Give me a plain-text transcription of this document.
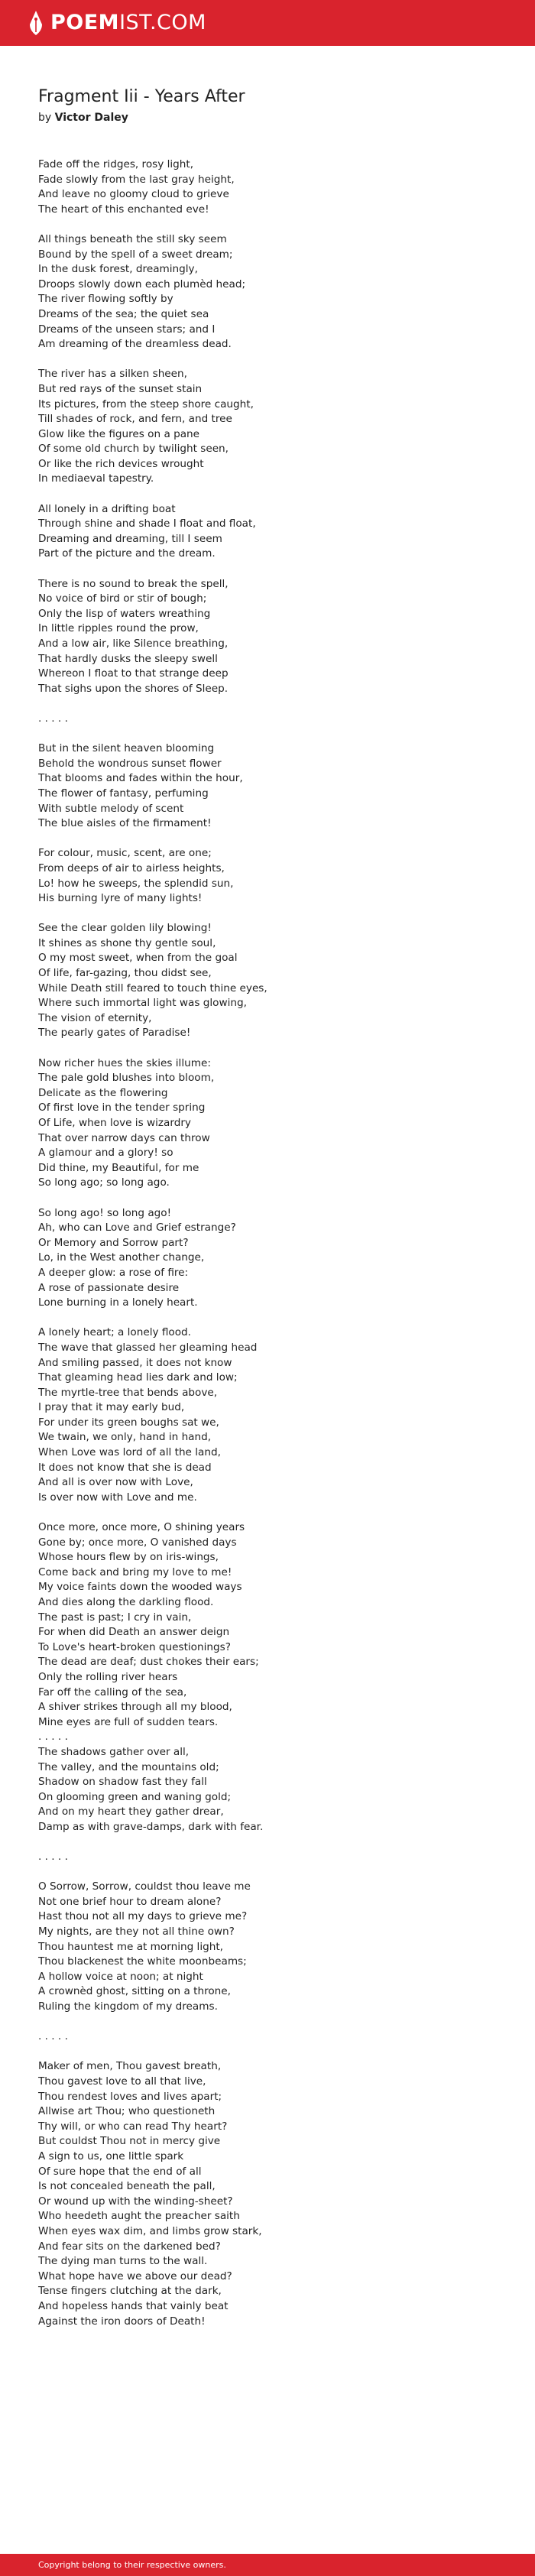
POEMIST.COM
Fragment Iii - Years After
by Victor Daley

Fade off the ridges, rosy light,
Fade slowly from the last gray height,
And leave no gloomy cloud to grieve
The heart of this enchanted eve!

All things beneath the still sky seem
Bound by the spell of a sweet dream;
In the dusk forest, dreamingly,
Droops slowly down each plumèd head;
The river flowing softly by
Dreams of the sea; the quiet sea
Dreams of the unseen stars; and I
Am dreaming of the dreamless dead.

The river has a silken sheen,
But red rays of the sunset stain
Its pictures, from the steep shore caught,
Till shades of rock, and fern, and tree
Glow like the figures on a pane
Of some old church by twilight seen,
Or like the rich devices wrought
In mediaeval tapestry.

All lonely in a drifting boat
Through shine and shade I float and float,
Dreaming and dreaming, till I seem
Part of the picture and the dream.

There is no sound to break the spell,
No voice of bird or stir of bough;
Only the lisp of waters wreathing
In little ripples round the prow,
And a low air, like Silence breathing,
That hardly dusks the sleepy swell
Whereon I float to that strange deep
That sighs upon the shores of Sleep.

. . . . .

But in the silent heaven blooming
Behold the wondrous sunset flower
That blooms and fades within the hour,
The flower of fantasy, perfuming
With subtle melody of scent
The blue aisles of the firmament!

For colour, music, scent, are one;
From deeps of air to airless heights,
Lo! how he sweeps, the splendid sun,
His burning lyre of many lights!

See the clear golden lily blowing!
It shines as shone thy gentle soul,
O my most sweet, when from the goal
Of life, far-gazing, thou didst see,
While Death still feared to touch thine eyes,
Where such immortal light was glowing,
The vision of eternity,
The pearly gates of Paradise!

Now richer hues the skies illume:
The pale gold blushes into bloom,
Delicate as the flowering
Of first love in the tender spring
Of Life, when love is wizardry
That over narrow days can throw
A glamour and a glory! so
Did thine, my Beautiful, for me
So long ago; so long ago.

So long ago! so long ago!
Ah, who can Love and Grief estrange?
Or Memory and Sorrow part?
Lo, in the West another change,
A deeper glow: a rose of fire:
A rose of passionate desire
Lone burning in a lonely heart.

A lonely heart; a lonely flood.
The wave that glassed her gleaming head
And smiling passed, it does not know
That gleaming head lies dark and low;
The myrtle-tree that bends above,
I pray that it may early bud,
For under its green boughs sat we,
We twain, we only, hand in hand,
When Love was lord of all the land,
It does not know that she is dead
And all is over now with Love,
Is over now with Love and me.

Once more, once more, O shining years
Gone by; once more, O vanished days
Whose hours flew by on iris-wings,
Come back and bring my love to me!
My voice faints down the wooded ways
And dies along the darkling flood.
The past is past; I cry in vain,
For when did Death an answer deign
To Love's heart-broken questionings?
The dead are deaf; dust chokes their ears;
Only the rolling river hears
Far off the calling of the sea,
A shiver strikes through all my blood,
Mine eyes are full of sudden tears.
. . . . .
The shadows gather over all,
The valley, and the mountains old;
Shadow on shadow fast they fall
On glooming green and waning gold;
And on my heart they gather drear,
Damp as with grave-damps, dark with fear.

. . . . .

O Sorrow, Sorrow, couldst thou leave me
Not one brief hour to dream alone?
Hast thou not all my days to grieve me?
My nights, are they not all thine own?
Thou hauntest me at morning light,
Thou blackenest the white moonbeams;
A hollow voice at noon; at night
A crownèd ghost, sitting on a throne,
Ruling the kingdom of my dreams.

. . . . .

Maker of men, Thou gavest breath,
Thou gavest love to all that live,
Thou rendest loves and lives apart;
Allwise art Thou; who questioneth
Thy will, or who can read Thy heart?
But couldst Thou not in mercy give
A sign to us, one little spark
Of sure hope that the end of all
Is not concealed beneath the pall,
Or wound up with the winding-sheet?
Who heedeth aught the preacher saith
When eyes wax dim, and limbs grow stark,
And fear sits on the darkened bed?
The dying man turns to the wall.
What hope have we above our dead?
Tense fingers clutching at the dark,
And hopeless hands that vainly beat
Against the iron doors of Death!

Copyright belong to their respective owners.
